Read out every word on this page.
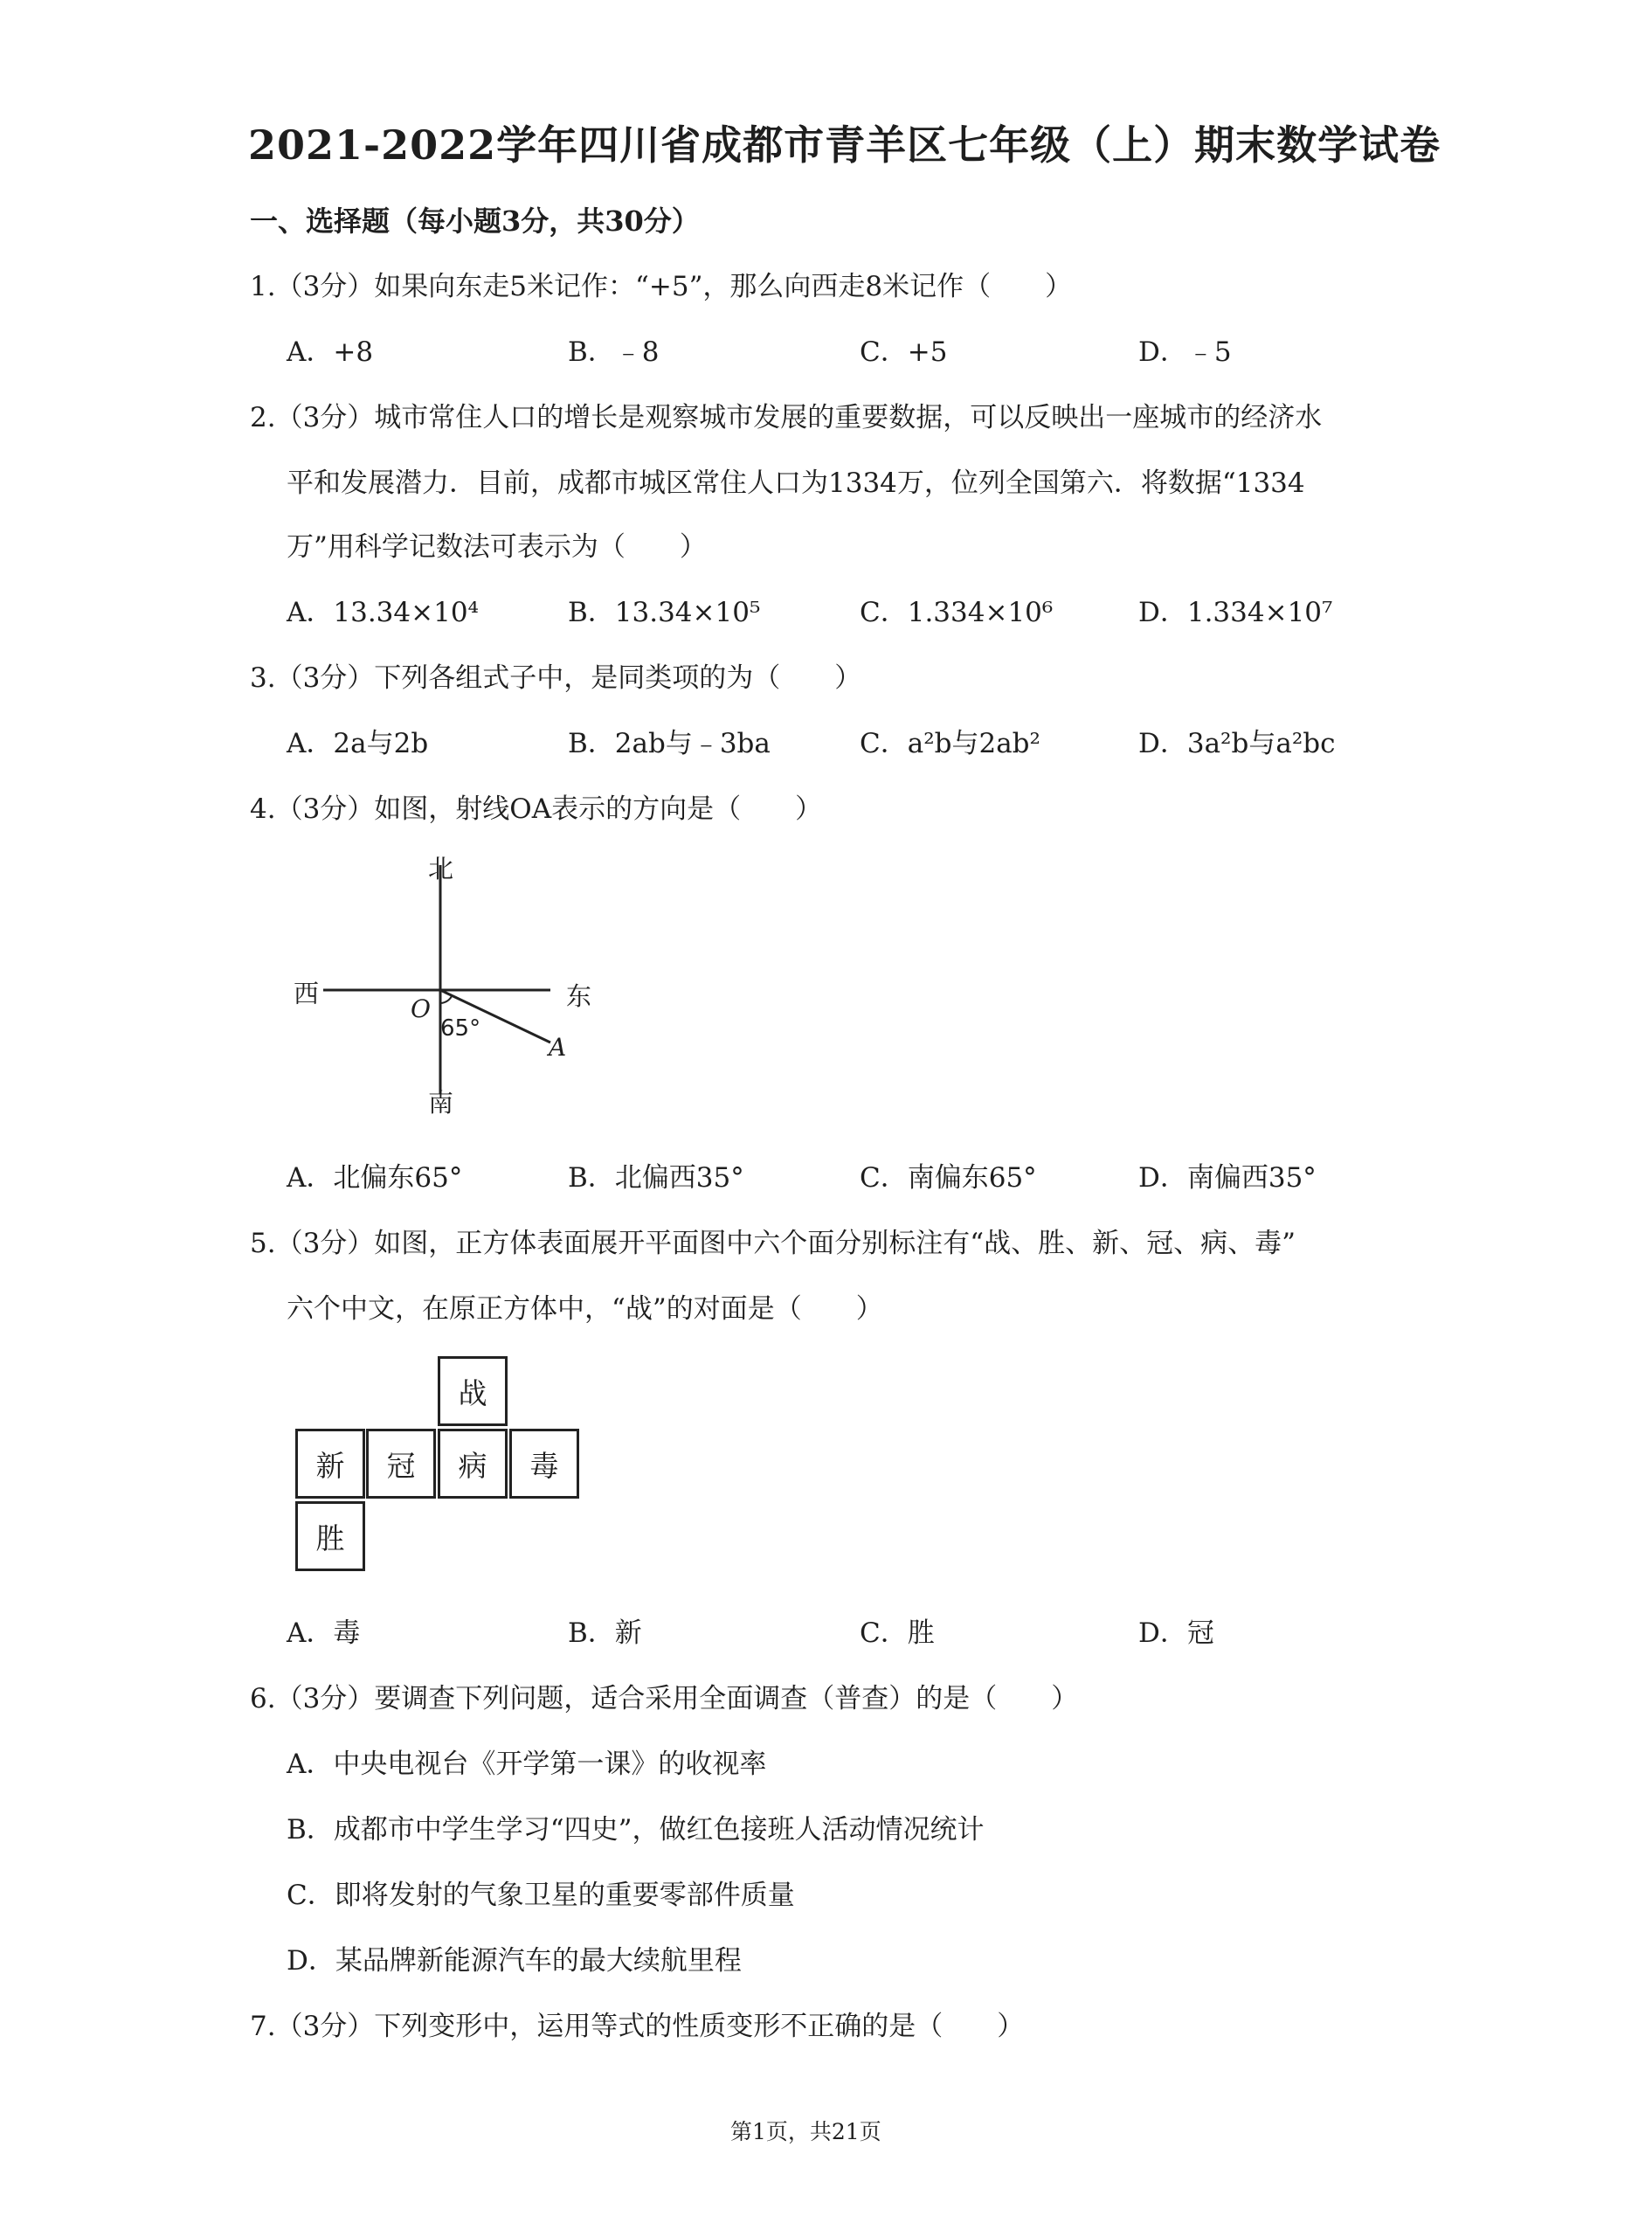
2021-2022学年四川省成都市青羊区七年级（上）期末数学试卷
一、选择题（每小题3分，共30分）
1.（3分）如果向东走5米记作：“+5”，那么向西走8米记作（　　）
A．+8	B．﹣8	C．+5	D．﹣5
2.（3分）城市常住人口的增长是观察城市发展的重要数据，可以反映出一座城市的经济水
平和发展潜力．目前，成都市城区常住人口为1334万，位列全国第六．将数据“1334
万”用科学记数法可表示为（　　）
A．13.34×10⁴	B．13.34×10⁵	C．1.334×10⁶	D．1.334×10⁷
3.（3分）下列各组式子中，是同类项的为（　　）
A．2a与2b	B．2ab与﹣3ba	C．a²b与2ab²	D．3a²b与a²bc
4.（3分）如图，射线OA表示的方向是（　　）
北
南
西	东
O
A
65°
A．北偏东65°	B．北偏西35°	C．南偏东65°	D．南偏西35°
5.（3分）如图，正方体表面展开平面图中六个面分别标注有“战、胜、新、冠、病、毒”
六个中文，在原正方体中，“战”的对面是（　　）
战
新	冠	病	毒
胜
A．毒	B．新	C．胜	D．冠
6.（3分）要调查下列问题，适合采用全面调查（普查）的是（　　）
A．中央电视台《开学第一课》的收视率
B．成都市中学生学习“四史”，做红色接班人活动情况统计
C．即将发射的气象卫星的重要零部件质量
D．某品牌新能源汽车的最大续航里程
7.（3分）下列变形中，运用等式的性质变形不正确的是（　　）
第1页，共21页
